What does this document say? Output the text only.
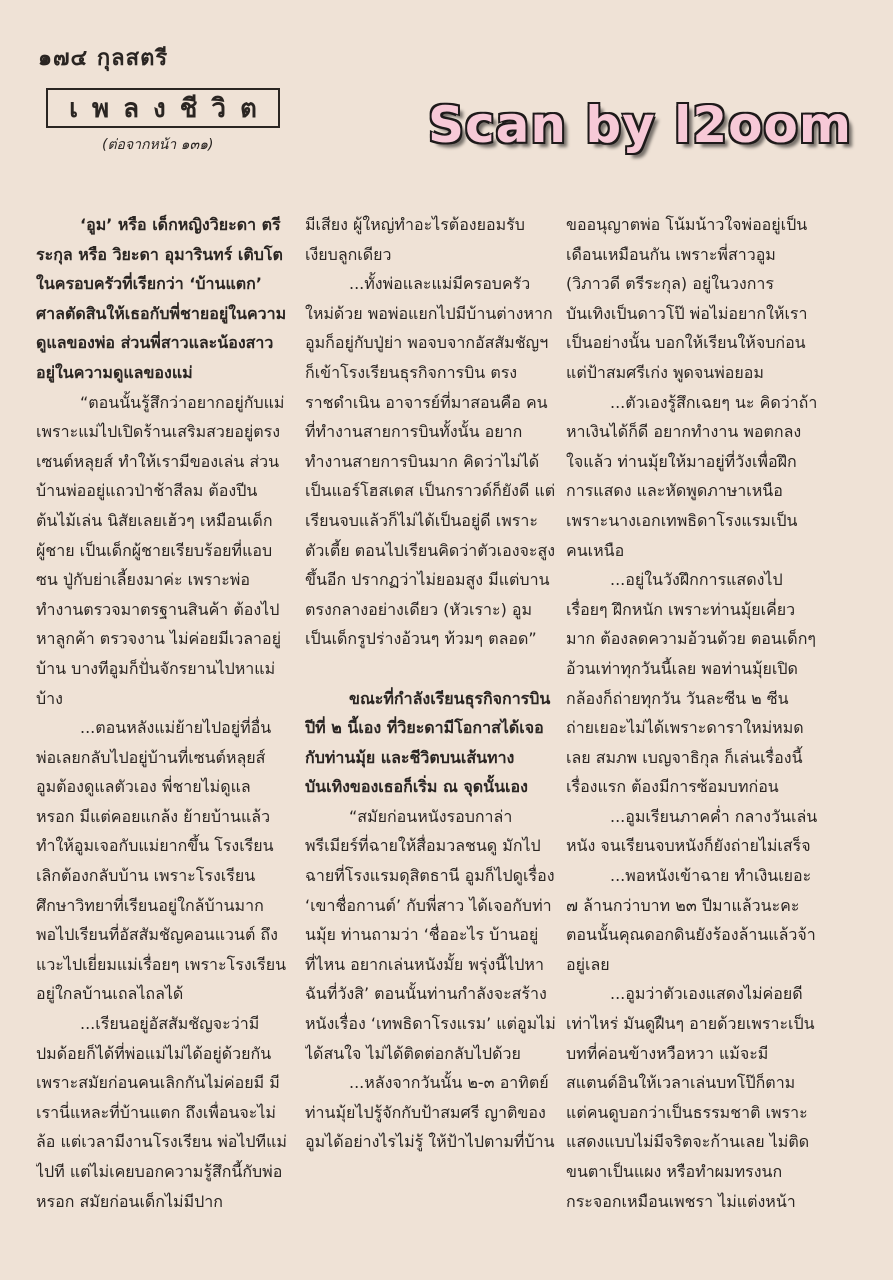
๑๗๔ กุลสตรี
เพลงชีวิต
(ต่อจากหน้า ๑๓๑)	Scan by l2oom

‘อูม’ หรือ เด็กหญิงวิยะดา ตรีระกุล หรือ วิยะดา อุมารินทร์ เติบโตในครอบครัวที่เรียกว่า ‘บ้านแตก’ ศาลตัดสินให้เธอกับพี่ชายอยู่ในความดูแลของพ่อ ส่วนพี่สาวและน้องสาวอยู่ในความดูแลของแม่

“ตอนนั้นรู้สึกว่าอยากอยู่กับแม่ เพราะแม่ไปเปิดร้านเสริมสวยอยู่ตรงเซนต์หลุยส์ ทำให้เรามีของเล่น ส่วนบ้านพ่ออยู่แถวป่าช้าสีลม ต้องปีนต้นไม้เล่น นิสัยเลยเฮ้วๆ เหมือนเด็กผู้ชาย เป็นเด็กผู้ชายเรียบร้อยที่แอบซน ปู่กับย่าเลี้ยงมาค่ะ เพราะพ่อทำงานตรวจมาตรฐานสินค้า ต้องไปหาลูกค้า ตรวจงาน ไม่ค่อยมีเวลาอยู่บ้าน บางทีอูมก็ปั่นจักรยานไปหาแม่บ้าง

...ตอนหลังแม่ย้ายไปอยู่ที่อื่น พ่อเลยกลับไปอยู่บ้านที่เซนต์หลุยส์ อูมต้องดูแลตัวเอง พี่ชายไม่ดูแลหรอก มีแต่คอยแกล้ง ย้ายบ้านแล้วทำให้อูมเจอกับแม่ยากขึ้น โรงเรียนเลิกต้องกลับบ้าน เพราะโรงเรียนศึกษาวิทยาที่เรียนอยู่ใกล้บ้านมาก พอไปเรียนที่อัสสัมชัญคอนแวนต์ ถึงแวะไปเยี่ยมแม่เรื่อยๆ เพราะโรงเรียนอยู่ใกลบ้านเถลไถลได้

...เรียนอยู่อัสสัมชัญจะว่ามีปมด้อยก็ได้ที่พ่อแม่ไม่ได้อยู่ด้วยกัน เพราะสมัยก่อนคนเลิกกันไม่ค่อยมี มีเรานี่แหละที่บ้านแตก ถึงเพื่อนจะไม่ล้อ แต่เวลามีงานโรงเรียน พ่อไปทีแม่ไปที แต่ไม่เคยบอกความรู้สึกนี้กับพ่อหรอก สมัยก่อนเด็กไม่มีปาก

มีเสียง ผู้ใหญ่ทำอะไรต้องยอมรับเงียบลูกเดียว

...ทั้งพ่อและแม่มีครอบครัวใหม่ด้วย พอพ่อแยกไปมีบ้านต่างหาก อูมก็อยู่กับปู่ย่า พอจบจากอัสสัมชัญฯ ก็เข้าโรงเรียนธุรกิจการบิน ตรงราชดำเนิน อาจารย์ที่มาสอนคือ คนที่ทำงานสายการบินทั้งนั้น อยากทำงานสายการบินมาก คิดว่าไม่ได้เป็นแอร์โฮสเตส เป็นกราวด์ก็ยังดี แต่เรียนจบแล้วก็ไม่ได้เป็นอยู่ดี เพราะตัวเตี้ย ตอนไปเรียนคิดว่าตัวเองจะสูงขึ้นอีก ปรากฏว่าไม่ยอมสูง มีแต่บานตรงกลางอย่างเดียว (หัวเราะ) อูมเป็นเด็กรูปร่างอ้วนๆ ท้วมๆ ตลอด”

ขณะที่กำลังเรียนธุรกิจการบินปีที่ ๒ นี้เอง ที่วิยะดามีโอกาสได้เจอกับท่านมุ้ย และชีวิตบนเส้นทางบันเทิงของเธอก็เริ่ม ณ จุดนั้นเอง

“สมัยก่อนหนังรอบกาล่าพรีเมียร์ที่ฉายให้สื่อมวลชนดู มักไปฉายที่โรงแรมดุสิตธานี อูมก็ไปดูเรื่อง ‘เขาชื่อกานต์’ กับพี่สาว ได้เจอกับท่านมุ้ย ท่านถามว่า ‘ชื่ออะไร บ้านอยู่ที่ไหน อยากเล่นหนังมั้ย พรุ่งนี้ไปหาฉันที่วังสิ’ ตอนนั้นท่านกำลังจะสร้างหนังเรื่อง ‘เทพธิดาโรงแรม’ แต่อูมไม่ได้สนใจ ไม่ได้ติดต่อกลับไปด้วย

...หลังจากวันนั้น ๒-๓ อาทิตย์ ท่านมุ้ยไปรู้จักกับป้าสมศรี ญาติของอูมได้อย่างไรไม่รู้ ให้ป้าไปตามที่บ้าน

ขออนุญาตพ่อ โน้มน้าวใจพ่ออยู่เป็นเดือนเหมือนกัน เพราะพี่สาวอูม (วิภาวดี ตรีระกุล) อยู่ในวงการบันเทิงเป็นดาวโป๊ พ่อไม่อยากให้เราเป็นอย่างนั้น บอกให้เรียนให้จบก่อน แต่ป้าสมศรีเก่ง พูดจนพ่อยอม

...ตัวเองรู้สึกเฉยๆ นะ คิดว่าถ้าหาเงินได้ก็ดี อยากทำงาน พอตกลงใจแล้ว ท่านมุ้ยให้มาอยู่ที่วังเพื่อฝึกการแสดง และหัดพูดภาษาเหนือ เพราะนางเอกเทพธิดาโรงแรมเป็นคนเหนือ

...อยู่ในวังฝึกการแสดงไปเรื่อยๆ ฝึกหนัก เพราะท่านมุ้ยเคี่ยวมาก ต้องลดความอ้วนด้วย ตอนเด็กๆ อ้วนเท่าทุกวันนี้เลย พอท่านมุ้ยเปิดกล้องก็ถ่ายทุกวัน วันละซีน ๒ ซีน ถ่ายเยอะไม่ได้เพราะดาราใหม่หมดเลย สมภพ เบญจาธิกุล ก็เล่นเรื่องนี้เรื่องแรก ต้องมีการซ้อมบทก่อน

...อูมเรียนภาคค่ำ กลางวันเล่นหนัง จนเรียนจบหนังก็ยังถ่ายไม่เสร็จ

...พอหนังเข้าฉาย ทำเงินเยอะ ๗ ล้านกว่าบาท ๒๓ ปีมาแล้วนะคะ ตอนนั้นคุณดอกดินยังร้องล้านแล้วจ้า อยู่เลย

...อูมว่าตัวเองแสดงไม่ค่อยดีเท่าไหร่ มันดูฝืนๆ อายด้วยเพราะเป็นบทที่ค่อนข้างหวือหวา แม้จะมีสแตนด์อินให้เวลาเล่นบทโป๊ก็ตาม แต่คนดูบอกว่าเป็นธรรมชาติ เพราะแสดงแบบไม่มีจริตจะก้านเลย ไม่ติดขนตาเป็นแผง หรือทำผมทรงนกกระจอกเหมือนเพชรา ไม่แต่งหน้า
